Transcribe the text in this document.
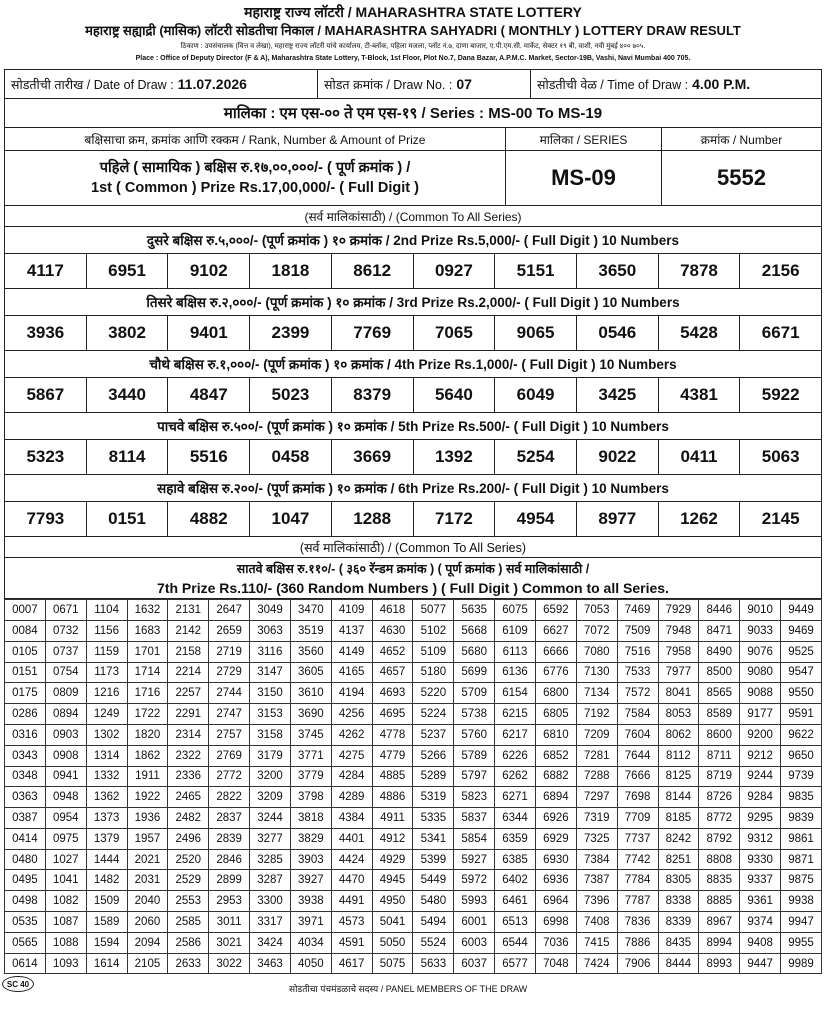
महाराष्ट्र राज्य लॉटरी / MAHARASHTRA STATE LOTTERY
महाराष्ट्र सह्याद्री (मासिक) लॉटरी सोडतीचा निकाल / MAHARASHTRA SAHYADRI ( MONTHLY ) LOTTERY DRAW RESULT
ठिकाण : उपसंचालक (वित्त व लेखा), महाराष्ट्र राज्य लॉटरी यांचे कार्यालय, टी-ब्लॉक, पहिला मजला, प्लॉट नं.७, दाणा बाजार, ए.पी.एम.सी. मार्केट, सेक्टर १९ बी, वाशी, नवी मुंबई ४०० ७०५.
Place : Office of Deputy Director (F & A), Maharashtra State Lottery, T-Block, 1st Floor, Plot No.7, Dana Bazar, A.P.M.C. Market, Sector-19B, Vashi, Navi Mumbai 400 705.
सोडतीची तारीख / Date of Draw : 11.07.2026	सोडत क्रमांक / Draw No. : 07	सोडतीची वेळ / Time of Draw : 4.00 P.M.
मालिका : एम एस-०० ते एम एस-१९ / Series : MS-00 To MS-19
बक्षिसाचा क्रम, क्रमांक आणि रक्कम / Rank, Number & Amount of Prize	मालिका / SERIES	क्रमांक / Number
पहिले ( सामायिक ) बक्षिस रु.१७,००,०००/- ( पूर्ण क्रमांक ) /
1st ( Common ) Prize Rs.17,00,000/- ( Full Digit )	MS-09	5552
(सर्व मालिकांसाठी) / (Common To All Series)
दुसरे बक्षिस रु.५,०००/- (पूर्ण क्रमांक ) १० क्रमांक / 2nd Prize Rs.5,000/- ( Full Digit ) 10 Numbers
4117	6951	9102	1818	8612	0927	5151	3650	7878	2156
तिसरे बक्षिस रु.२,०००/- (पूर्ण क्रमांक ) १० क्रमांक / 3rd Prize Rs.2,000/- ( Full Digit ) 10 Numbers
3936	3802	9401	2399	7769	7065	9065	0546	5428	6671
चौथे बक्षिस रु.१,०००/- (पूर्ण क्रमांक ) १० क्रमांक / 4th Prize Rs.1,000/- ( Full Digit ) 10 Numbers
5867	3440	4847	5023	8379	5640	6049	3425	4381	5922
पाचवे बक्षिस रु.५००/- (पूर्ण क्रमांक ) १० क्रमांक / 5th Prize Rs.500/- ( Full Digit ) 10 Numbers
5323	8114	5516	0458	3669	1392	5254	9022	0411	5063
सहावे बक्षिस रु.२००/- (पूर्ण क्रमांक ) १० क्रमांक / 6th Prize Rs.200/- ( Full Digit ) 10 Numbers
7793	0151	4882	1047	1288	7172	4954	8977	1262	2145
(सर्व मालिकांसाठी) / (Common To All Series)
सातवे बक्षिस रु.११०/- ( ३६० रॅन्डम क्रमांक ) ( पूर्ण क्रमांक ) सर्व मालिकांसाठी /
7th Prize Rs.110/- (360 Random Numbers ) ( Full Digit ) Common to all Series.
0007	0671	1104	1632	2131	2647	3049	3470	4109	4618	5077	5635	6075	6592	7053	7469	7929	8446	9010	9449
0084	0732	1156	1683	2142	2659	3063	3519	4137	4630	5102	5668	6109	6627	7072	7509	7948	8471	9033	9469
0105	0737	1159	1701	2158	2719	3116	3560	4149	4652	5109	5680	6113	6666	7080	7516	7958	8490	9076	9525
0151	0754	1173	1714	2214	2729	3147	3605	4165	4657	5180	5699	6136	6776	7130	7533	7977	8500	9080	9547
0175	0809	1216	1716	2257	2744	3150	3610	4194	4693	5220	5709	6154	6800	7134	7572	8041	8565	9088	9550
0286	0894	1249	1722	2291	2747	3153	3690	4256	4695	5224	5738	6215	6805	7192	7584	8053	8589	9177	9591
0316	0903	1302	1820	2314	2757	3158	3745	4262	4778	5237	5760	6217	6810	7209	7604	8062	8600	9200	9622
0343	0908	1314	1862	2322	2769	3179	3771	4275	4779	5266	5789	6226	6852	7281	7644	8112	8711	9212	9650
0348	0941	1332	1911	2336	2772	3200	3779	4284	4885	5289	5797	6262	6882	7288	7666	8125	8719	9244	9739
0363	0948	1362	1922	2465	2822	3209	3798	4289	4886	5319	5823	6271	6894	7297	7698	8144	8726	9284	9835
0387	0954	1373	1936	2482	2837	3244	3818	4384	4911	5335	5837	6344	6926	7319	7709	8185	8772	9295	9839
0414	0975	1379	1957	2496	2839	3277	3829	4401	4912	5341	5854	6359	6929	7325	7737	8242	8792	9312	9861
0480	1027	1444	2021	2520	2846	3285	3903	4424	4929	5399	5927	6385	6930	7384	7742	8251	8808	9330	9871
0495	1041	1482	2031	2529	2899	3287	3927	4470	4945	5449	5972	6402	6936	7387	7784	8305	8835	9337	9875
0498	1082	1509	2040	2553	2953	3300	3938	4491	4950	5480	5993	6461	6964	7396	7787	8338	8885	9361	9938
0535	1087	1589	2060	2585	3011	3317	3971	4573	5041	5494	6001	6513	6998	7408	7836	8339	8967	9374	9947
0565	1088	1594	2094	2586	3021	3424	4034	4591	5050	5524	6003	6544	7036	7415	7886	8435	8994	9408	9955
0614	1093	1614	2105	2633	3022	3463	4050	4617	5075	5633	6037	6577	7048	7424	7906	8444	8993	9447	9989
SC 40	सोडतीचा पंचमंडळाचे सदस्य / PANEL MEMBERS OF THE DRAW
